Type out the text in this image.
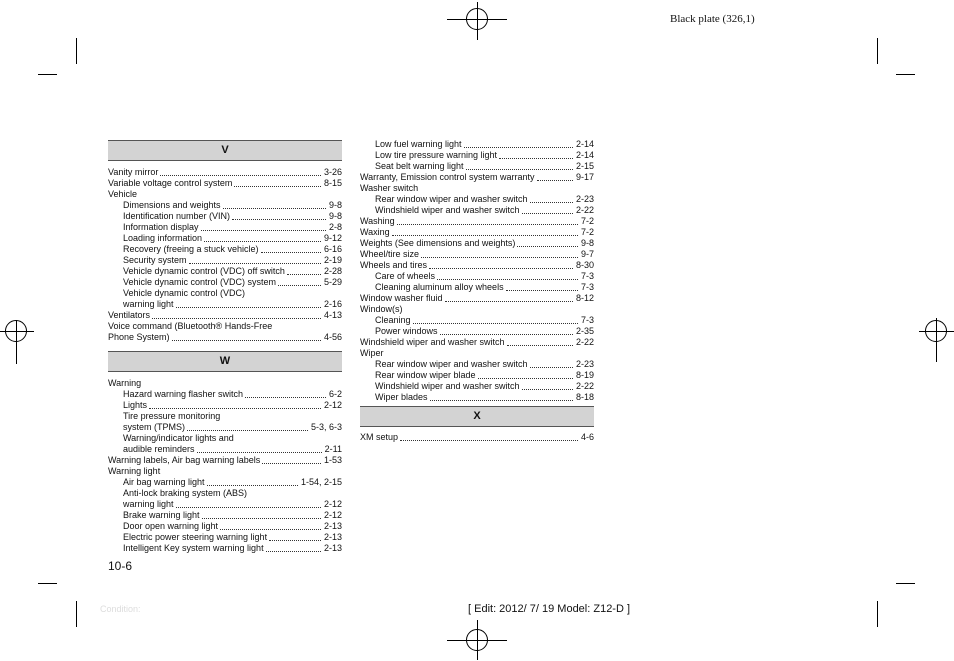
Black plate (326,1)
V
Vanity mirror	3-26
Variable voltage control system	8-15
Vehicle
Dimensions and weights	9-8
Identification number (VIN)	9-8
Information display	2-8
Loading information	9-12
Recovery (freeing a stuck vehicle)	6-16
Security system	2-19
Vehicle dynamic control (VDC) off switch	2-28
Vehicle dynamic control (VDC) system	5-29
Vehicle dynamic control (VDC)
warning light	2-16
Ventilators	4-13
Voice command (Bluetooth® Hands-Free
Phone System)	4-56
W
Warning
Hazard warning flasher switch	6-2
Lights	2-12
Tire pressure monitoring
system (TPMS)	5-3, 6-3
Warning/indicator lights and
audible reminders	2-11
Warning labels, Air bag warning labels	1-53
Warning light
Air bag warning light	1-54, 2-15
Anti-lock braking system (ABS)
warning light	2-12
Brake warning light	2-12
Door open warning light	2-13
Electric power steering warning light	2-13
Intelligent Key system warning light	2-13
Low fuel warning light	2-14
Low tire pressure warning light	2-14
Seat belt warning light	2-15
Warranty, Emission control system warranty	9-17
Washer switch
Rear window wiper and washer switch	2-23
Windshield wiper and washer switch	2-22
Washing	7-2
Waxing	7-2
Weights (See dimensions and weights)	9-8
Wheel/tire size	9-7
Wheels and tires	8-30
Care of wheels	7-3
Cleaning aluminum alloy wheels	7-3
Window washer fluid	8-12
Window(s)
Cleaning	7-3
Power windows	2-35
Windshield wiper and washer switch	2-22
Wiper
Rear window wiper and washer switch	2-23
Rear window wiper blade	8-19
Windshield wiper and washer switch	2-22
Wiper blades	8-18
X
XM setup	4-6
10-6
Condition:	[ Edit: 2012/ 7/ 19 Model: Z12-D ]
